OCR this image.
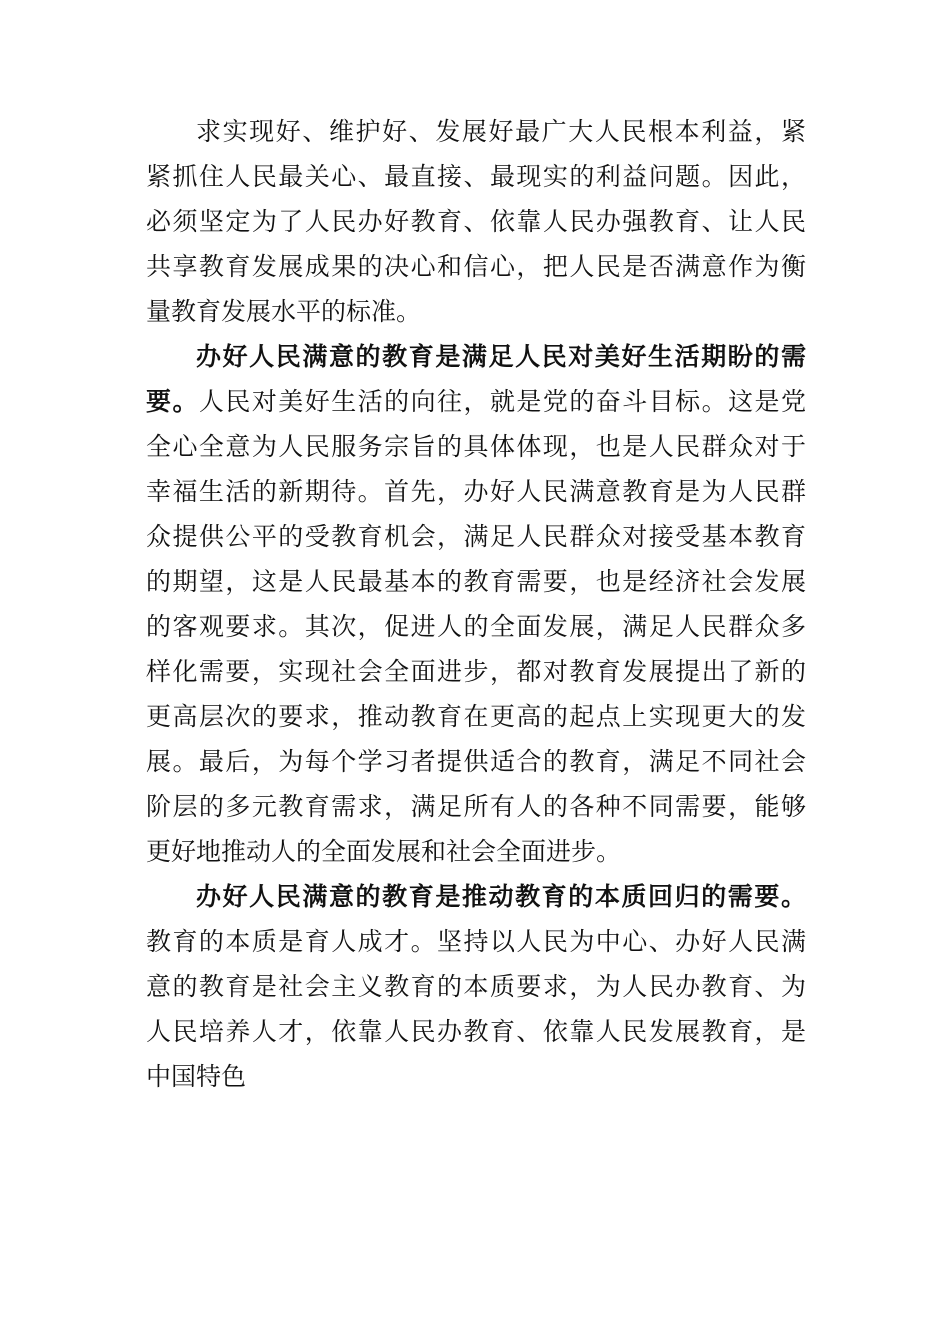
求实现好、维护好、发展好最广大人民根本利益，紧
紧抓住人民最关心、最直接、最现实的利益问题。因此，
必须坚定为了人民办好教育、依靠人民办强教育、让人民
共享教育发展成果的决心和信心，把人民是否满意作为衡
量教育发展水平的标准。
办好人民满意的教育是满足人民对美好生活期盼的需
要。人民对美好生活的向往，就是党的奋斗目标。这是党
全心全意为人民服务宗旨的具体体现，也是人民群众对于
幸福生活的新期待。首先，办好人民满意教育是为人民群
众提供公平的受教育机会，满足人民群众对接受基本教育
的期望，这是人民最基本的教育需要，也是经济社会发展
的客观要求。其次，促进人的全面发展，满足人民群众多
样化需要，实现社会全面进步，都对教育发展提出了新的
更高层次的要求，推动教育在更高的起点上实现更大的发
展。最后，为每个学习者提供适合的教育，满足不同社会
阶层的多元教育需求，满足所有人的各种不同需要，能够
更好地推动人的全面发展和社会全面进步。
办好人民满意的教育是推动教育的本质回归的需要。
教育的本质是育人成才。坚持以人民为中心、办好人民满
意的教育是社会主义教育的本质要求，为人民办教育、为
人民培养人才，依靠人民办教育、依靠人民发展教育，是
中国特色
